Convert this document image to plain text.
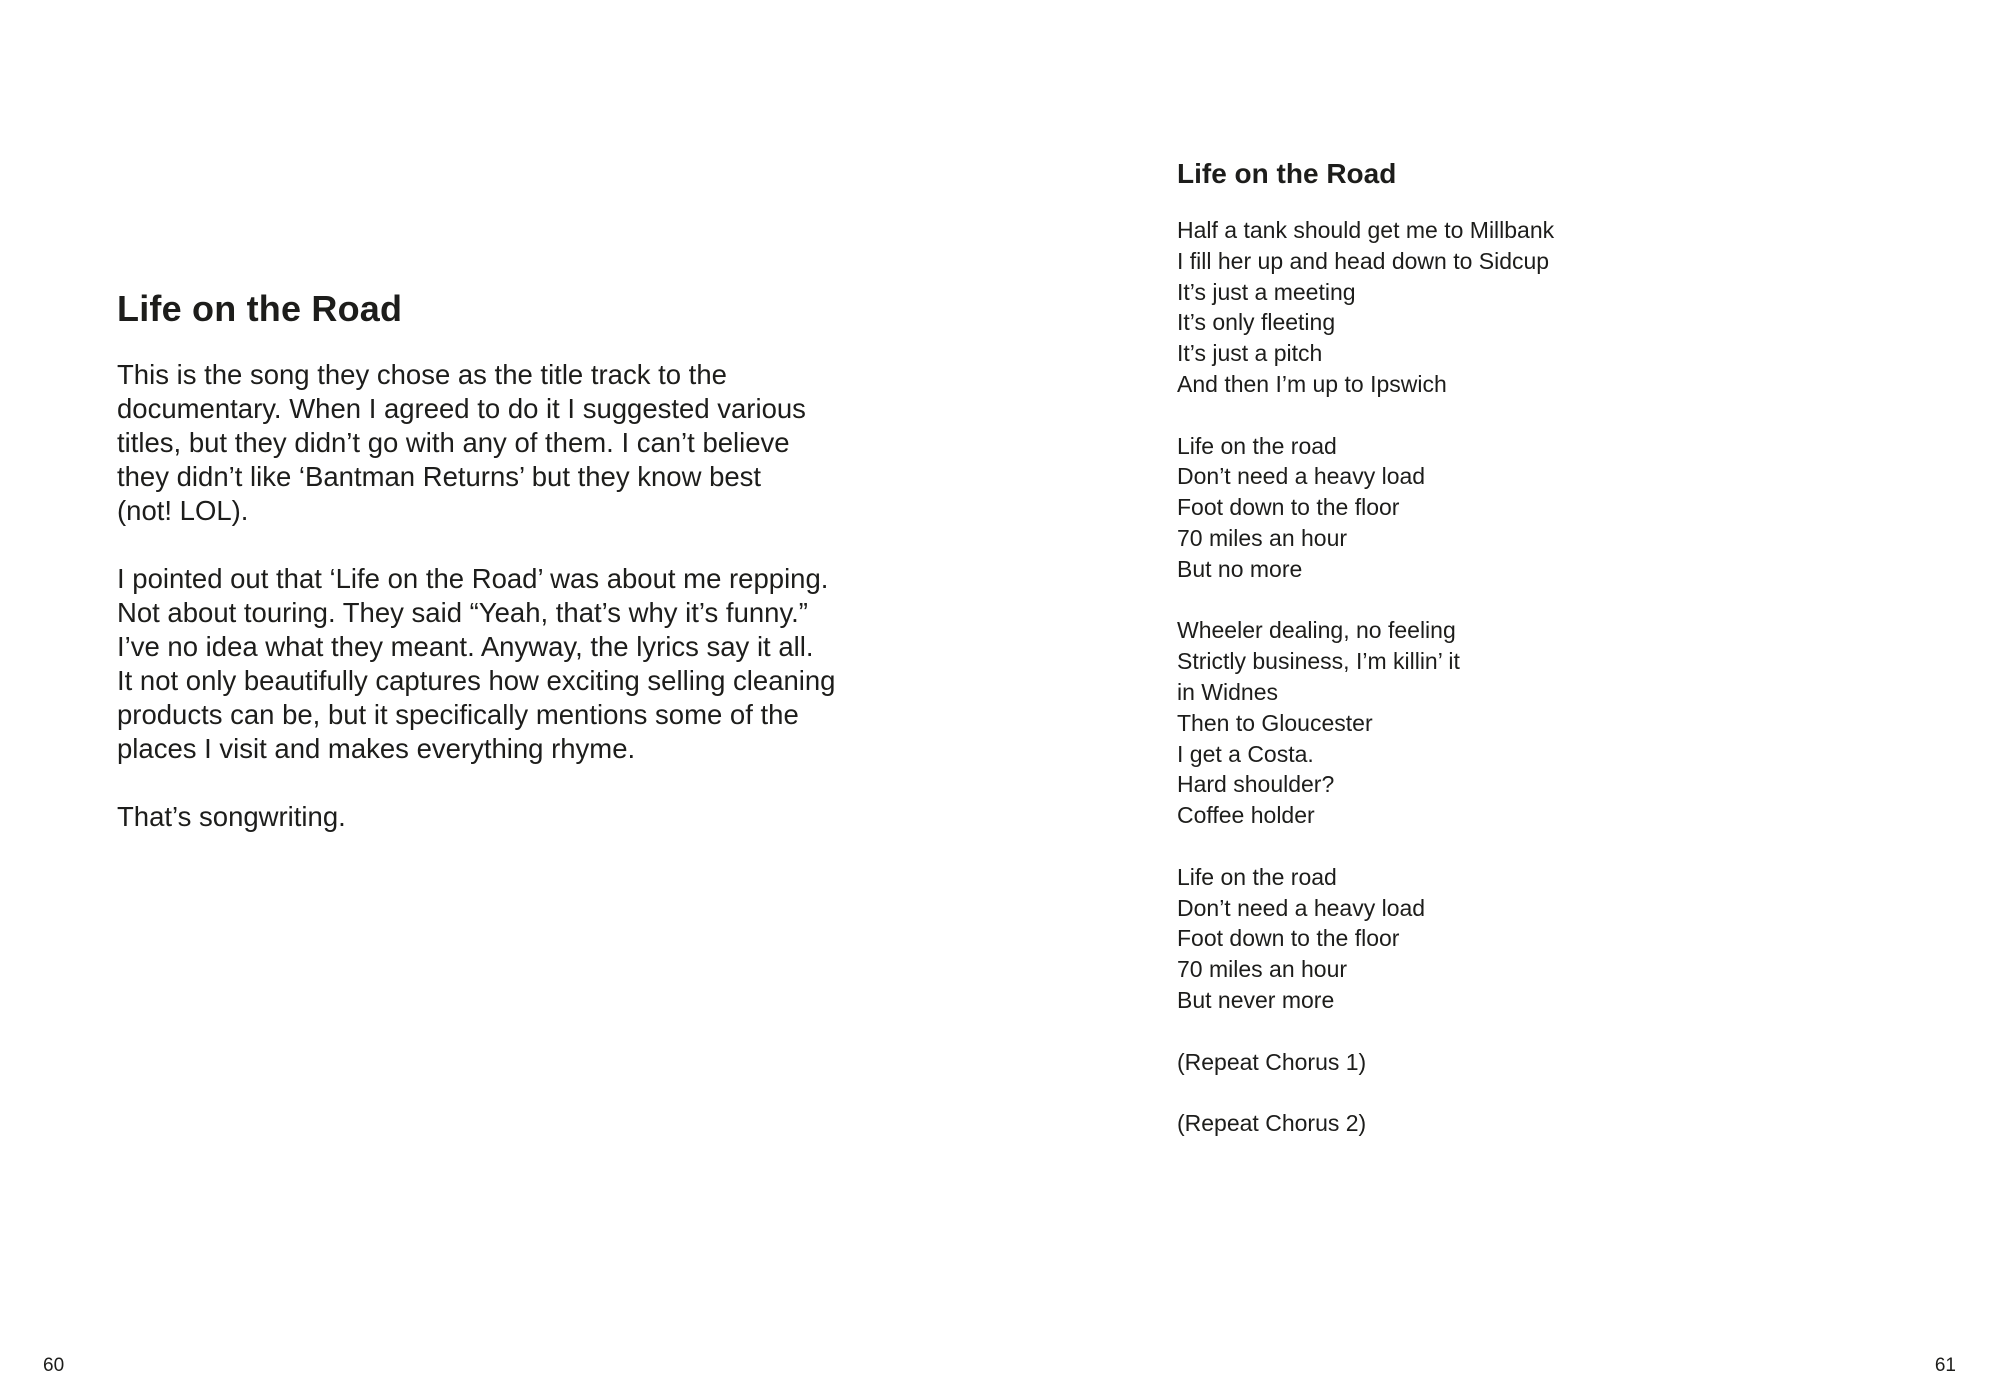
Life on the Road

This is the song they chose as the title track to the
documentary. When I agreed to do it I suggested various
titles, but they didn’t go with any of them. I can’t believe
they didn’t like ‘Bantman Returns’ but they know best
(not! LOL).

I pointed out that ‘Life on the Road’ was about me repping.
Not about touring. They said “Yeah, that’s why it’s funny.”
I’ve no idea what they meant. Anyway, the lyrics say it all.
It not only beautifully captures how exciting selling cleaning
products can be, but it specifically mentions some of the
places I visit and makes everything rhyme.

That’s songwriting.

60
Life on the Road
Half a tank should get me to Millbank
I fill her up and head down to Sidcup
It’s just a meeting
It’s only fleeting
It’s just a pitch
And then I’m up to Ipswich
Life on the road
Don’t need a heavy load
Foot down to the floor
70 miles an hour
But no more
Wheeler dealing, no feeling
Strictly business, I’m killin’ it
in Widnes
Then to Gloucester
I get a Costa.
Hard shoulder?
Coffee holder
Life on the road
Don’t need a heavy load
Foot down to the floor
70 miles an hour
But never more
(Repeat Chorus 1)
(Repeat Chorus 2)
61
